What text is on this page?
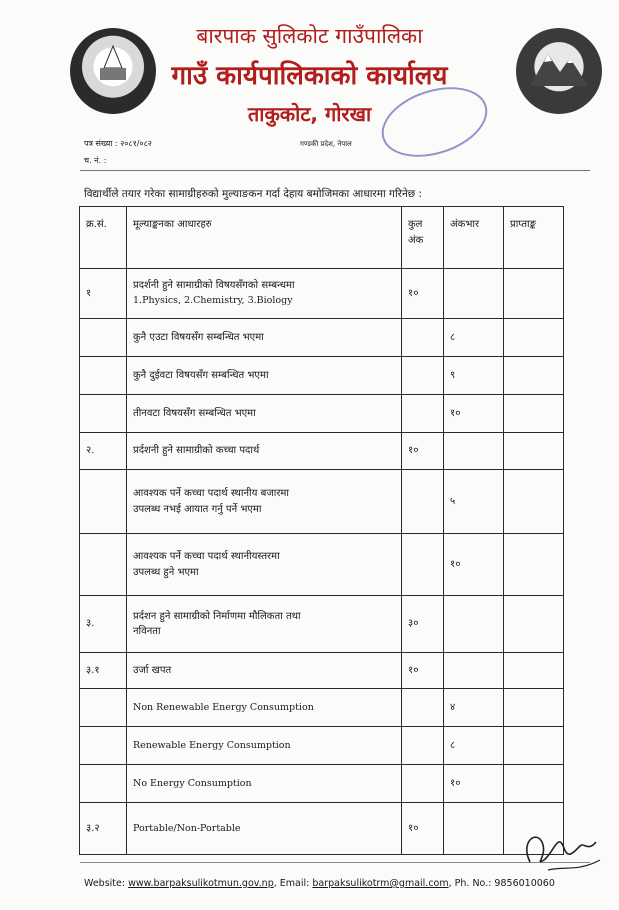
बारपाक सुलिकोट गाउँपालिका
गाउँ कार्यपालिकाको कार्यालय
ताकुकोट, गोरखा
पत्र संख्या : २०८१/०८२
च. नं. :
गण्डकी प्रदेश, नेपाल
विद्यार्थीले तयार गरेका सामाग्रीहरुको मुल्याङकन गर्दा देहाय बमोजिमका आधारमा गरिनेछ :
क्र.सं.	मूल्याङ्कनका आधारहरु	कुल अंक	अंकभार	प्राप्ताङ्क
१	प्रदर्शनी हुने सामाग्रीको विषयसँगको सम्बन्धमा
1.Physics, 2.Chemistry, 3.Biology	१०		
	कुनै एउटा विषयसँग सम्बन्धित भएमा		८	
	कुनै दुईवटा विषयसँग सम्बन्धित भएमा		९	
	तीनवटा विषयसँग सम्बन्धित भएमा		१०	
२.	प्रर्दशनी हुने सामाग्रीको कच्चा पदार्थ	१०		
	आवश्यक पर्ने कच्चा पदार्थ स्थानीय बजारमा
उपलब्ध नभई आयात गर्नु पर्ने भएमा		५	
	आवश्यक पर्ने कच्चा पदार्थ स्थानीयस्तरमा
उपलब्ध हुने भएमा		१०	
३.	प्रर्दशन हुने सामाग्रीको निर्माणमा मौलिकता तथा
नविनता	३०		
३.१	उर्जा खपत	१०		
	Non Renewable Energy Consumption		४	
	Renewable Energy Consumption		८	
	No Energy Consumption		१०	
३.२	Portable/Non-Portable	१०		
Website: www.barpaksulikotmun.gov.np, Email: barpaksulikotrm@gmail.com, Ph. No.: 9856010060
